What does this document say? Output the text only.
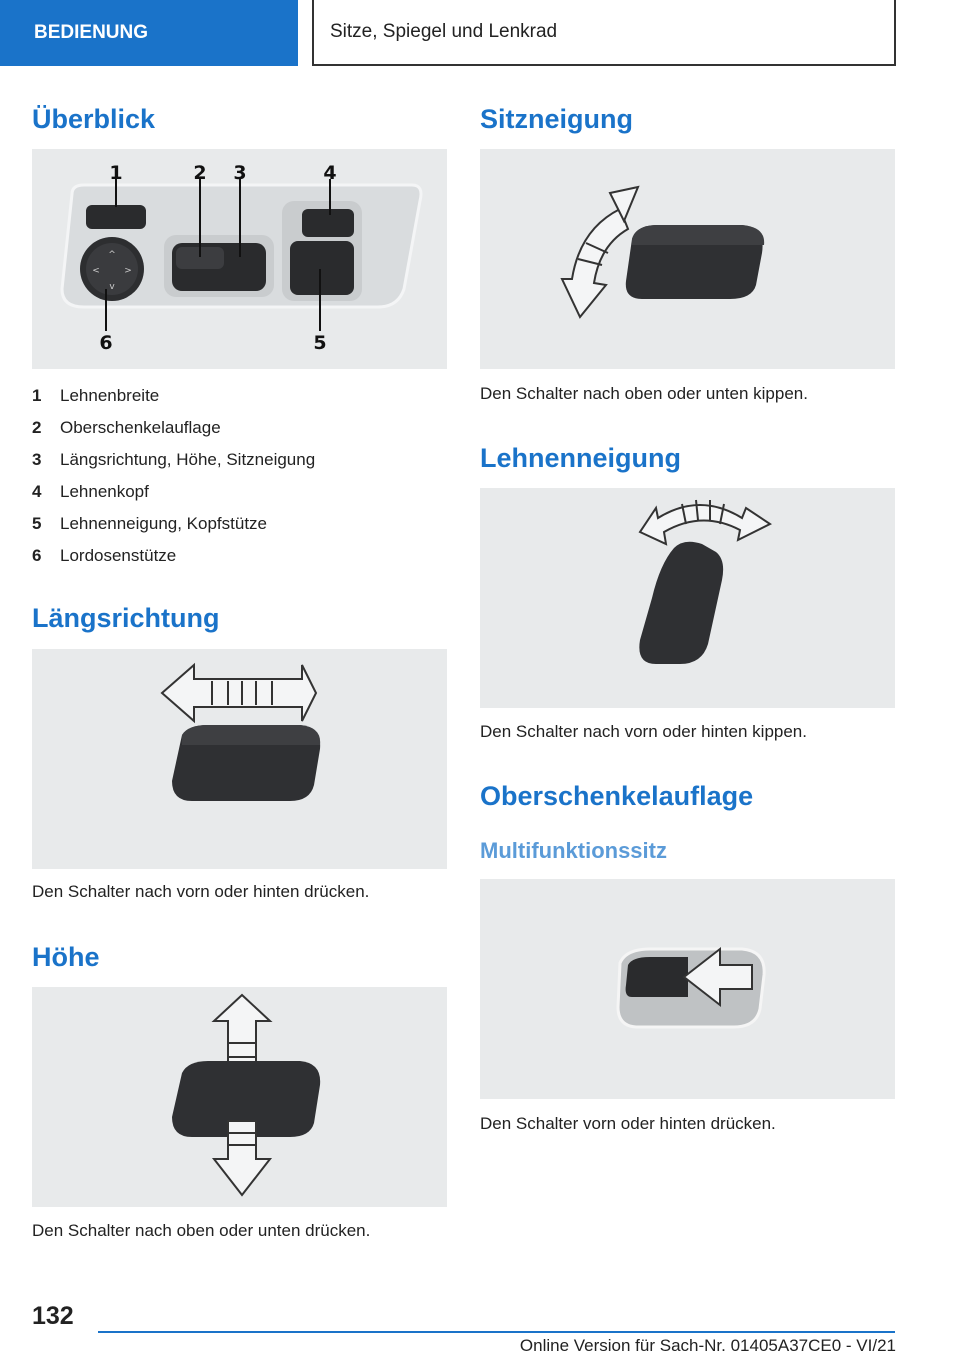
BEDIENUNG	Sitze, Spiegel und Lenkrad
Überblick
^
v
<	>
1	2 3	4
5
6
1	Lehnenbreite
2	Oberschenkelauflage
3	Längsrichtung, Höhe, Sitzneigung
4	Lehnenkopf
5	Lehnenneigung, Kopfstütze
6	Lordosenstütze
Längsrichtung
Den Schalter nach vorn oder hinten drücken.
Höhe
Den Schalter nach oben oder unten drücken.
Sitzneigung
Den Schalter nach oben oder unten kippen.
Lehnenneigung
Den Schalter nach vorn oder hinten kippen.
Oberschenkelauflage
Multifunktionssitz
Den Schalter vorn oder hinten drücken.
132
Online Version für Sach-Nr. 01405A37CE0 - VI/21
